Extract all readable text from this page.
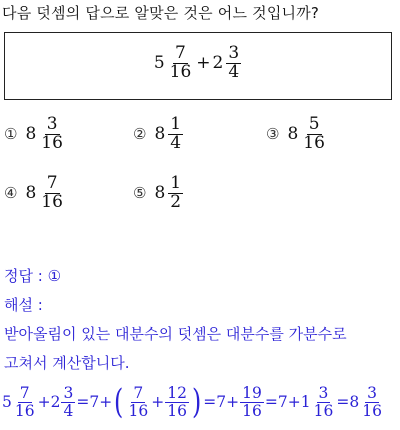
다음 덧셈의 답으로 알맞은 것은 어느 것입니까?
$5 \frac{7}{16} + 2 \frac{3}{4}$
① $8 \frac{3}{16}$	② $8 \frac{1}{4}$	③ $8 \frac{5}{16}$
④ $8 \frac{7}{16}$	⑤ $8 \frac{1}{2}$
정답 : ①
해설 :
받아올림이 있는 대분수의 덧셈은 대분수를 가분수로
고쳐서 계산합니다.
$5 \frac{7}{16} + 2 \frac{3}{4} = 7$ + ( $\frac{7}{16} + \frac{12}{16}$ ) = $7 + \frac{19}{16} = 7 + 1 \frac{3}{16} = 8 \frac{3}{16}$
